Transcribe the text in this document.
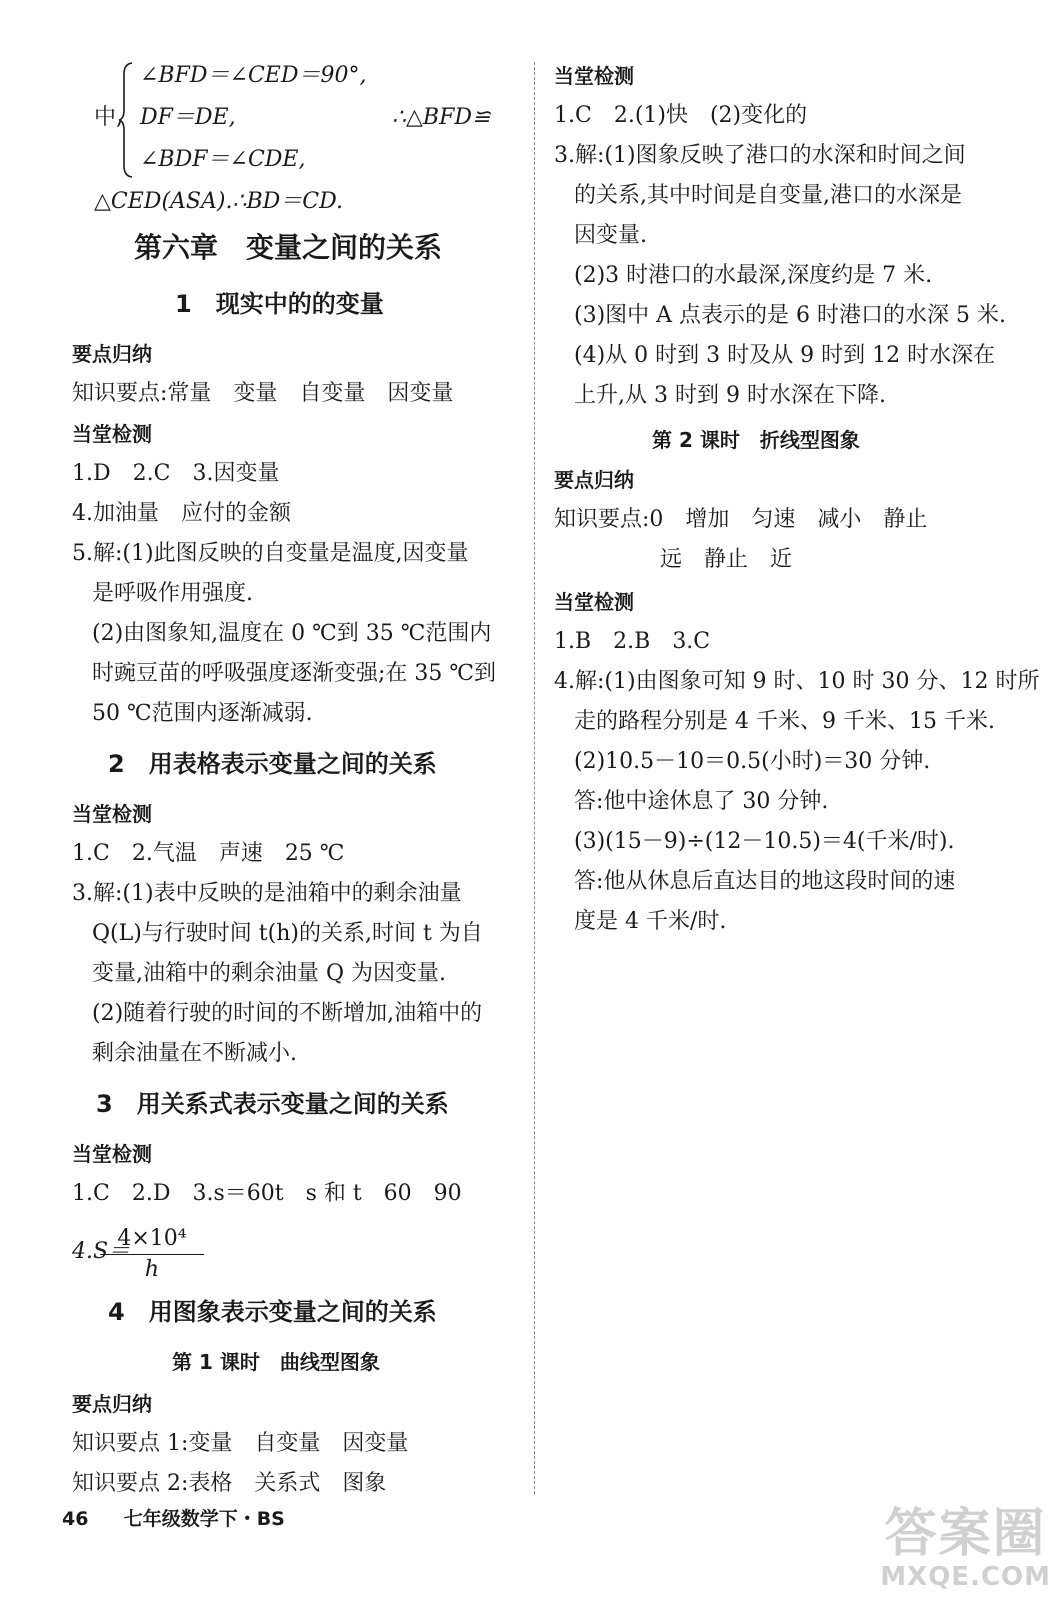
∠BFD＝∠CED＝90°,
中, DF＝DE,	∴△BFD≌
∠BDF＝∠CDE,
△CED(ASA).∴BD＝CD.
第六章　变量之间的关系
1　现实中的的变量
要点归纳
知识要点:常量　变量　自变量　因变量
当堂检测
1.D　2.C　3.因变量
4.加油量　应付的金额
5.解:(1)此图反映的自变量是温度,因变量
是呼吸作用强度.
(2)由图象知,温度在 0 ℃到 35 ℃范围内
时豌豆苗的呼吸强度逐渐变强;在 35 ℃到
50 ℃范围内逐渐减弱.
2　用表格表示变量之间的关系
当堂检测
1.C　2.气温　声速　25 ℃
3.解:(1)表中反映的是油箱中的剩余油量
Q(L)与行驶时间 t(h)的关系,时间 t 为自
变量,油箱中的剩余油量 Q 为因变量.
(2)随着行驶的时间的不断增加,油箱中的
剩余油量在不断减小.
3　用关系式表示变量之间的关系
当堂检测
1.C　2.D　3.s＝60t　s 和 t　60　90
4.S＝
$\frac{\text{4×10⁴}}{h}$
4　用图象表示变量之间的关系
第 1 课时　曲线型图象
要点归纳
知识要点 1:变量　自变量　因变量
知识要点 2:表格　关系式　图象
当堂检测
1.C　2.(1)快　(2)变化的
3.解:(1)图象反映了港口的水深和时间之间
的关系,其中时间是自变量,港口的水深是
因变量.
(2)3 时港口的水最深,深度约是 7 米.
(3)图中 A 点表示的是 6 时港口的水深 5 米.
(4)从 0 时到 3 时及从 9 时到 12 时水深在
上升,从 3 时到 9 时水深在下降.
第 2 课时　折线型图象
要点归纳
知识要点:0　增加　匀速　减小　静止
远　静止　近
当堂检测
1.B　2.B　3.C
4.解:(1)由图象可知 9 时、10 时 30 分、12 时所
走的路程分别是 4 千米、9 千米、15 千米.
(2)10.5－10＝0.5(小时)＝30 分钟.
答:他中途休息了 30 分钟.
(3)(15－9)÷(12－10.5)＝4(千米/时).
答:他从休息后直达目的地这段时间的速
度是 4 千米/时.
46 七年级数学下・BS	答案圈
MXQE.COM
